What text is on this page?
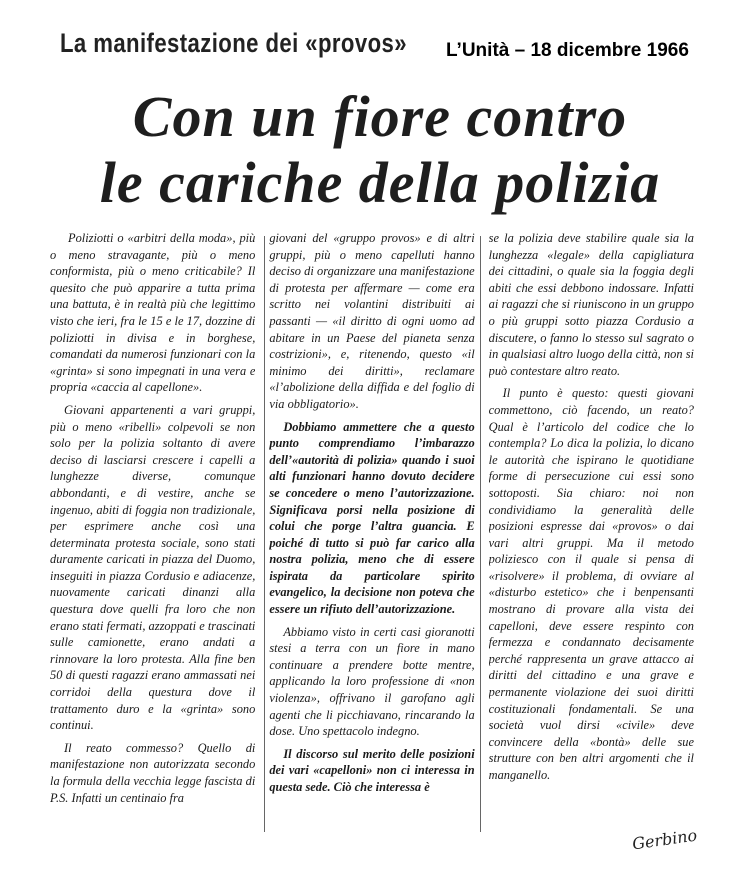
La manifestazione dei «provos» L’Unità – 18 dicembre 1966
Con un fiore contro
le cariche della polizia

Poliziotti o «arbitri della moda», più o meno stravagante, più o meno conformista, più o meno criticabile? Il quesito che può apparire a tutta prima una battuta, è in realtà più che legittimo visto che ieri, fra le 15 e le 17, dozzine di poliziotti in divisa e in borghese, comandati da numerosi funzionari con la «grinta» si sono impegnati in una vera e propria «caccia al capellone».

Giovani appartenenti a vari gruppi, più o meno «ribelli» colpevoli se non solo per la polizia soltanto di avere deciso di lasciarsi crescere i capelli a lunghezze diverse, comunque abbondanti, e di vestire, anche se ingenuo, abiti di foggia non tradizionale, per esprimere anche così una determinata protesta sociale, sono stati duramente caricati in piazza del Duomo, inseguiti in piazza Cordusio e adiacenze, nuovamente caricati dinanzi alla questura dove quelli fra loro che non erano stati fermati, azzoppati e trascinati sulle camionette, erano andati a rinnovare la loro protesta. Alla fine ben 50 di questi ragazzi erano ammassati nei corridoi della questura dove il trattamento duro e la «grinta» sono continui.

Il reato commesso? Quello di manifestazione non autorizzata secondo la formula della vecchia legge fascista di P.S. Infatti un centinaio fra

giovani del «gruppo provos» e di altri gruppi, più o meno capelluti hanno deciso di organizzare una manifestazione di protesta per affermare — come era scritto nei volantini distribuiti ai passanti — «il diritto di ogni uomo ad abitare in un Paese del pianeta senza costrizioni», e, ritenendo, questo «il minimo dei diritti», reclamare «l’abolizione della diffida e del foglio di via obbligatorio».

Dobbiamo ammettere che a questo punto comprendiamo l’imbarazzo dell’«autorità di polizia» quando i suoi alti funzionari hanno dovuto decidere se concedere o meno l’autorizzazione. Significava porsi nella posizione di colui che porge l’altra guancia. E poiché di tutto si può far carico alla nostra polizia, meno che di essere ispirata da particolare spirito evangelico, la decisione non poteva che essere un rifiuto dell’autorizzazione.

Abbiamo visto in certi casi gioranotti stesi a terra con un fiore in mano continuare a prendere botte mentre, applicando la loro professione di «non violenza», offrivano il garofano agli agenti che li picchiavano, rincarando la dose. Uno spettacolo indegno.

Il discorso sul merito delle posizioni dei vari «capelloni» non ci interessa in questa sede. Ciò che interessa è

se la polizia deve stabilire quale sia la lunghezza «legale» della capigliatura dei cittadini, o quale sia la foggia degli abiti che essi debbono indossare. Infatti ai ragazzi che si riuniscono in un gruppo o più gruppi sotto piazza Cordusio a discutere, o fanno lo stesso sul sagrato o in qualsiasi altro luogo della città, non si può contestare altro reato.

Il punto è questo: questi giovani commettono, ciò facendo, un reato? Qual è l’articolo del codice che lo contempla? Lo dica la polizia, lo dicano le autorità che ispirano le quotidiane forme di persecuzione cui essi sono sottoposti. Sia chiaro: noi non condividiamo la generalità delle posizioni espresse dai «provos» o dai vari altri gruppi. Ma il metodo poliziesco con il quale si pensa di «risolvere» il problema, di ovviare al «disturbo estetico» che i benpensanti mostrano di provare alla vista dei capelloni, deve essere respinto con fermezza e condannato decisamente perché rappresenta un grave attacco ai diritti del cittadino e una grave e permanente violazione dei suoi diritti costituzionali fondamentali. Se una società vuol dirsi «civile» deve convincere della «bontà» delle sue strutture con ben altri argomenti che il manganello.

Gerbino
